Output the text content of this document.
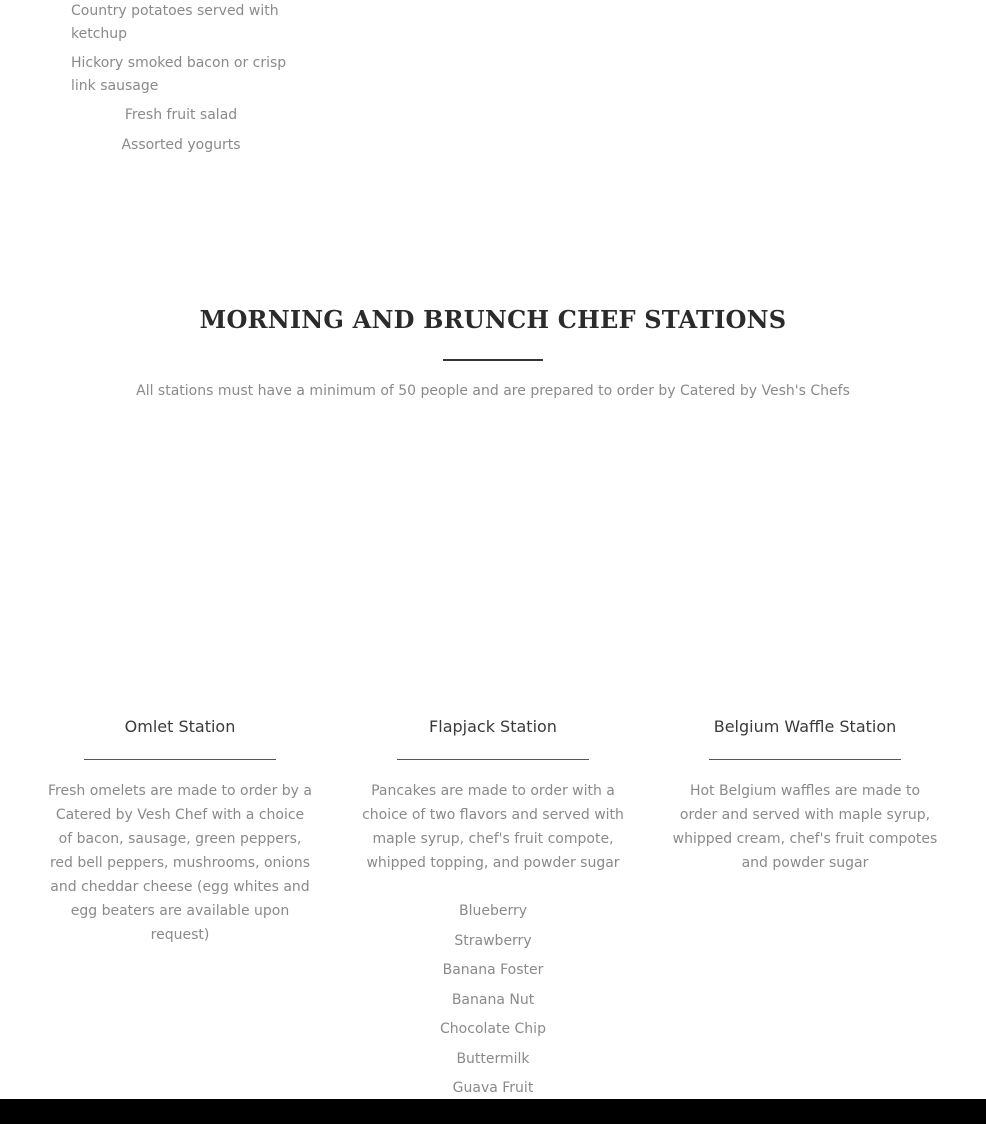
Country potatoes served with ketchup
Hickory smoked bacon or crisp link sausage
Fresh fruit salad
Assorted yogurts
MORNING AND BRUNCH CHEF STATIONS
All stations must have a minimum of 50 people and are prepared to order by Catered by Vesh's Chefs
Omlet Station
Fresh omelets are made to order by a Catered by Vesh Chef with a choice of bacon, sausage, green peppers, red bell peppers, mushrooms, onions and cheddar cheese (egg whites and egg beaters are available upon request)
Flapjack Station
Pancakes are made to order with a choice of two flavors and served with maple syrup, chef's fruit compote, whipped topping, and powder sugar
Blueberry
Strawberry
Banana Foster
Banana Nut
Chocolate Chip
Buttermilk
Guava Fruit
Belgium Waffle Station
Hot Belgium waffles are made to order and served with maple syrup, whipped cream, chef's fruit compotes and powder sugar
